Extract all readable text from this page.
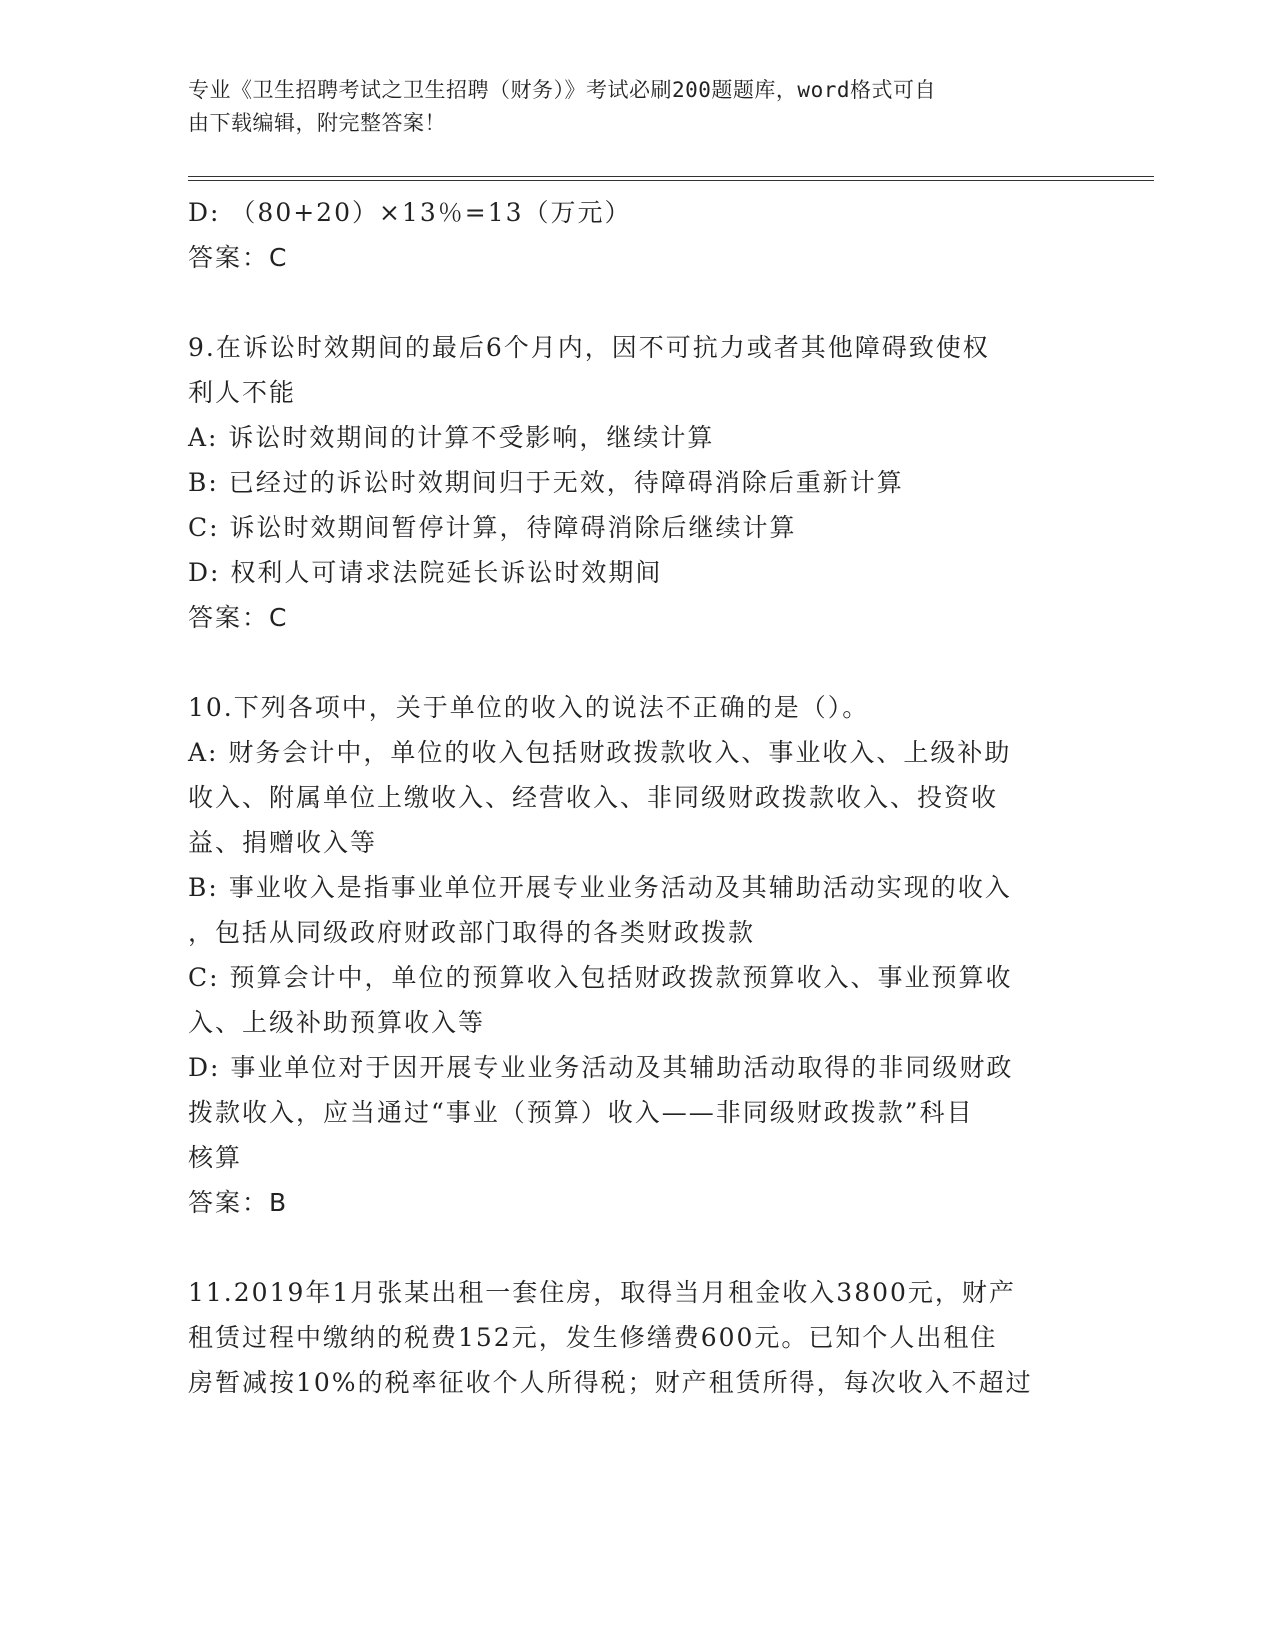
专业《卫生招聘考试之卫生招聘（财务）》考试必刷200题题库，word格式可自
由下载编辑，附完整答案！
D: （80+20）×13％=13（万元）
答案：C
9.在诉讼时效期间的最后6个月内，因不可抗力或者其他障碍致使权
利人不能
A: 诉讼时效期间的计算不受影响，继续计算
B: 已经过的诉讼时效期间归于无效，待障碍消除后重新计算
C: 诉讼时效期间暂停计算，待障碍消除后继续计算
D: 权利人可请求法院延长诉讼时效期间
答案：C
10.下列各项中，关于单位的收入的说法不正确的是（）。
A: 财务会计中，单位的收入包括财政拨款收入、事业收入、上级补助
收入、附属单位上缴收入、经营收入、非同级财政拨款收入、投资收
益、捐赠收入等
B: 事业收入是指事业单位开展专业业务活动及其辅助活动实现的收入
，包括从同级政府财政部门取得的各类财政拨款
C: 预算会计中，单位的预算收入包括财政拨款预算收入、事业预算收
入、上级补助预算收入等
D: 事业单位对于因开展专业业务活动及其辅助活动取得的非同级财政
拨款收入，应当通过“事业（预算）收入——非同级财政拨款”科目
核算
答案：B
11.2019年1月张某出租一套住房，取得当月租金收入3800元，财产
租赁过程中缴纳的税费152元，发生修缮费600元。已知个人出租住
房暂减按10%的税率征收个人所得税；财产租赁所得，每次收入不超过
